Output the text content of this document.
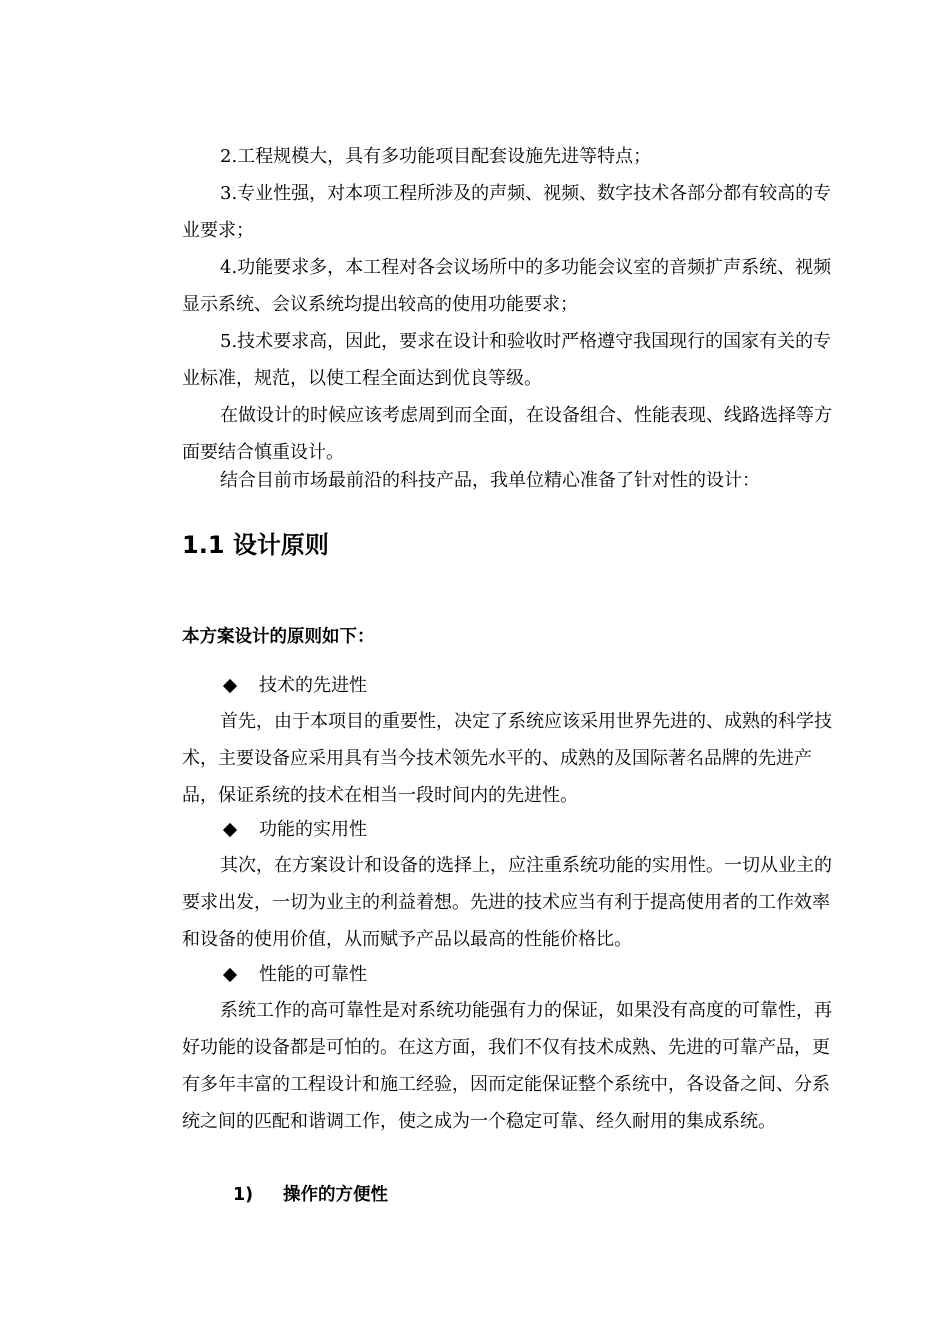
2.工程规模大，具有多功能项目配套设施先进等特点；

3.专业性强，对本项工程所涉及的声频、视频、数字技术各部分都有较高的专业要求；

4.功能要求多，本工程对各会议场所中的多功能会议室的音频扩声系统、视频显示系统、会议系统均提出较高的使用功能要求；

5.技术要求高，因此，要求在设计和验收时严格遵守我国现行的国家有关的专业标准，规范，以使工程全面达到优良等级。

在做设计的时候应该考虑周到而全面，在设备组合、性能表现、线路选择等方面要结合慎重设计。

结合目前市场最前沿的科技产品，我单位精心准备了针对性的设计：

1.1 设计原则

本方案设计的原则如下：

技术的先进性

首先，由于本项目的重要性，决定了系统应该采用世界先进的、成熟的科学技术，主要设备应采用具有当今技术领先水平的、成熟的及国际著名品牌的先进产品，保证系统的技术在相当一段时间内的先进性。

功能的实用性

其次，在方案设计和设备的选择上，应注重系统功能的实用性。一切从业主的要求出发，一切为业主的利益着想。先进的技术应当有利于提高使用者的工作效率和设备的使用价值，从而赋予产品以最高的性能价格比。

性能的可靠性

系统工作的高可靠性是对系统功能强有力的保证，如果没有高度的可靠性，再好功能的设备都是可怕的。在这方面，我们不仅有技术成熟、先进的可靠产品，更有多年丰富的工程设计和施工经验，因而定能保证整个系统中，各设备之间、分系统之间的匹配和谐调工作，使之成为一个稳定可靠、经久耐用的集成系统。

1) 操作的方便性
